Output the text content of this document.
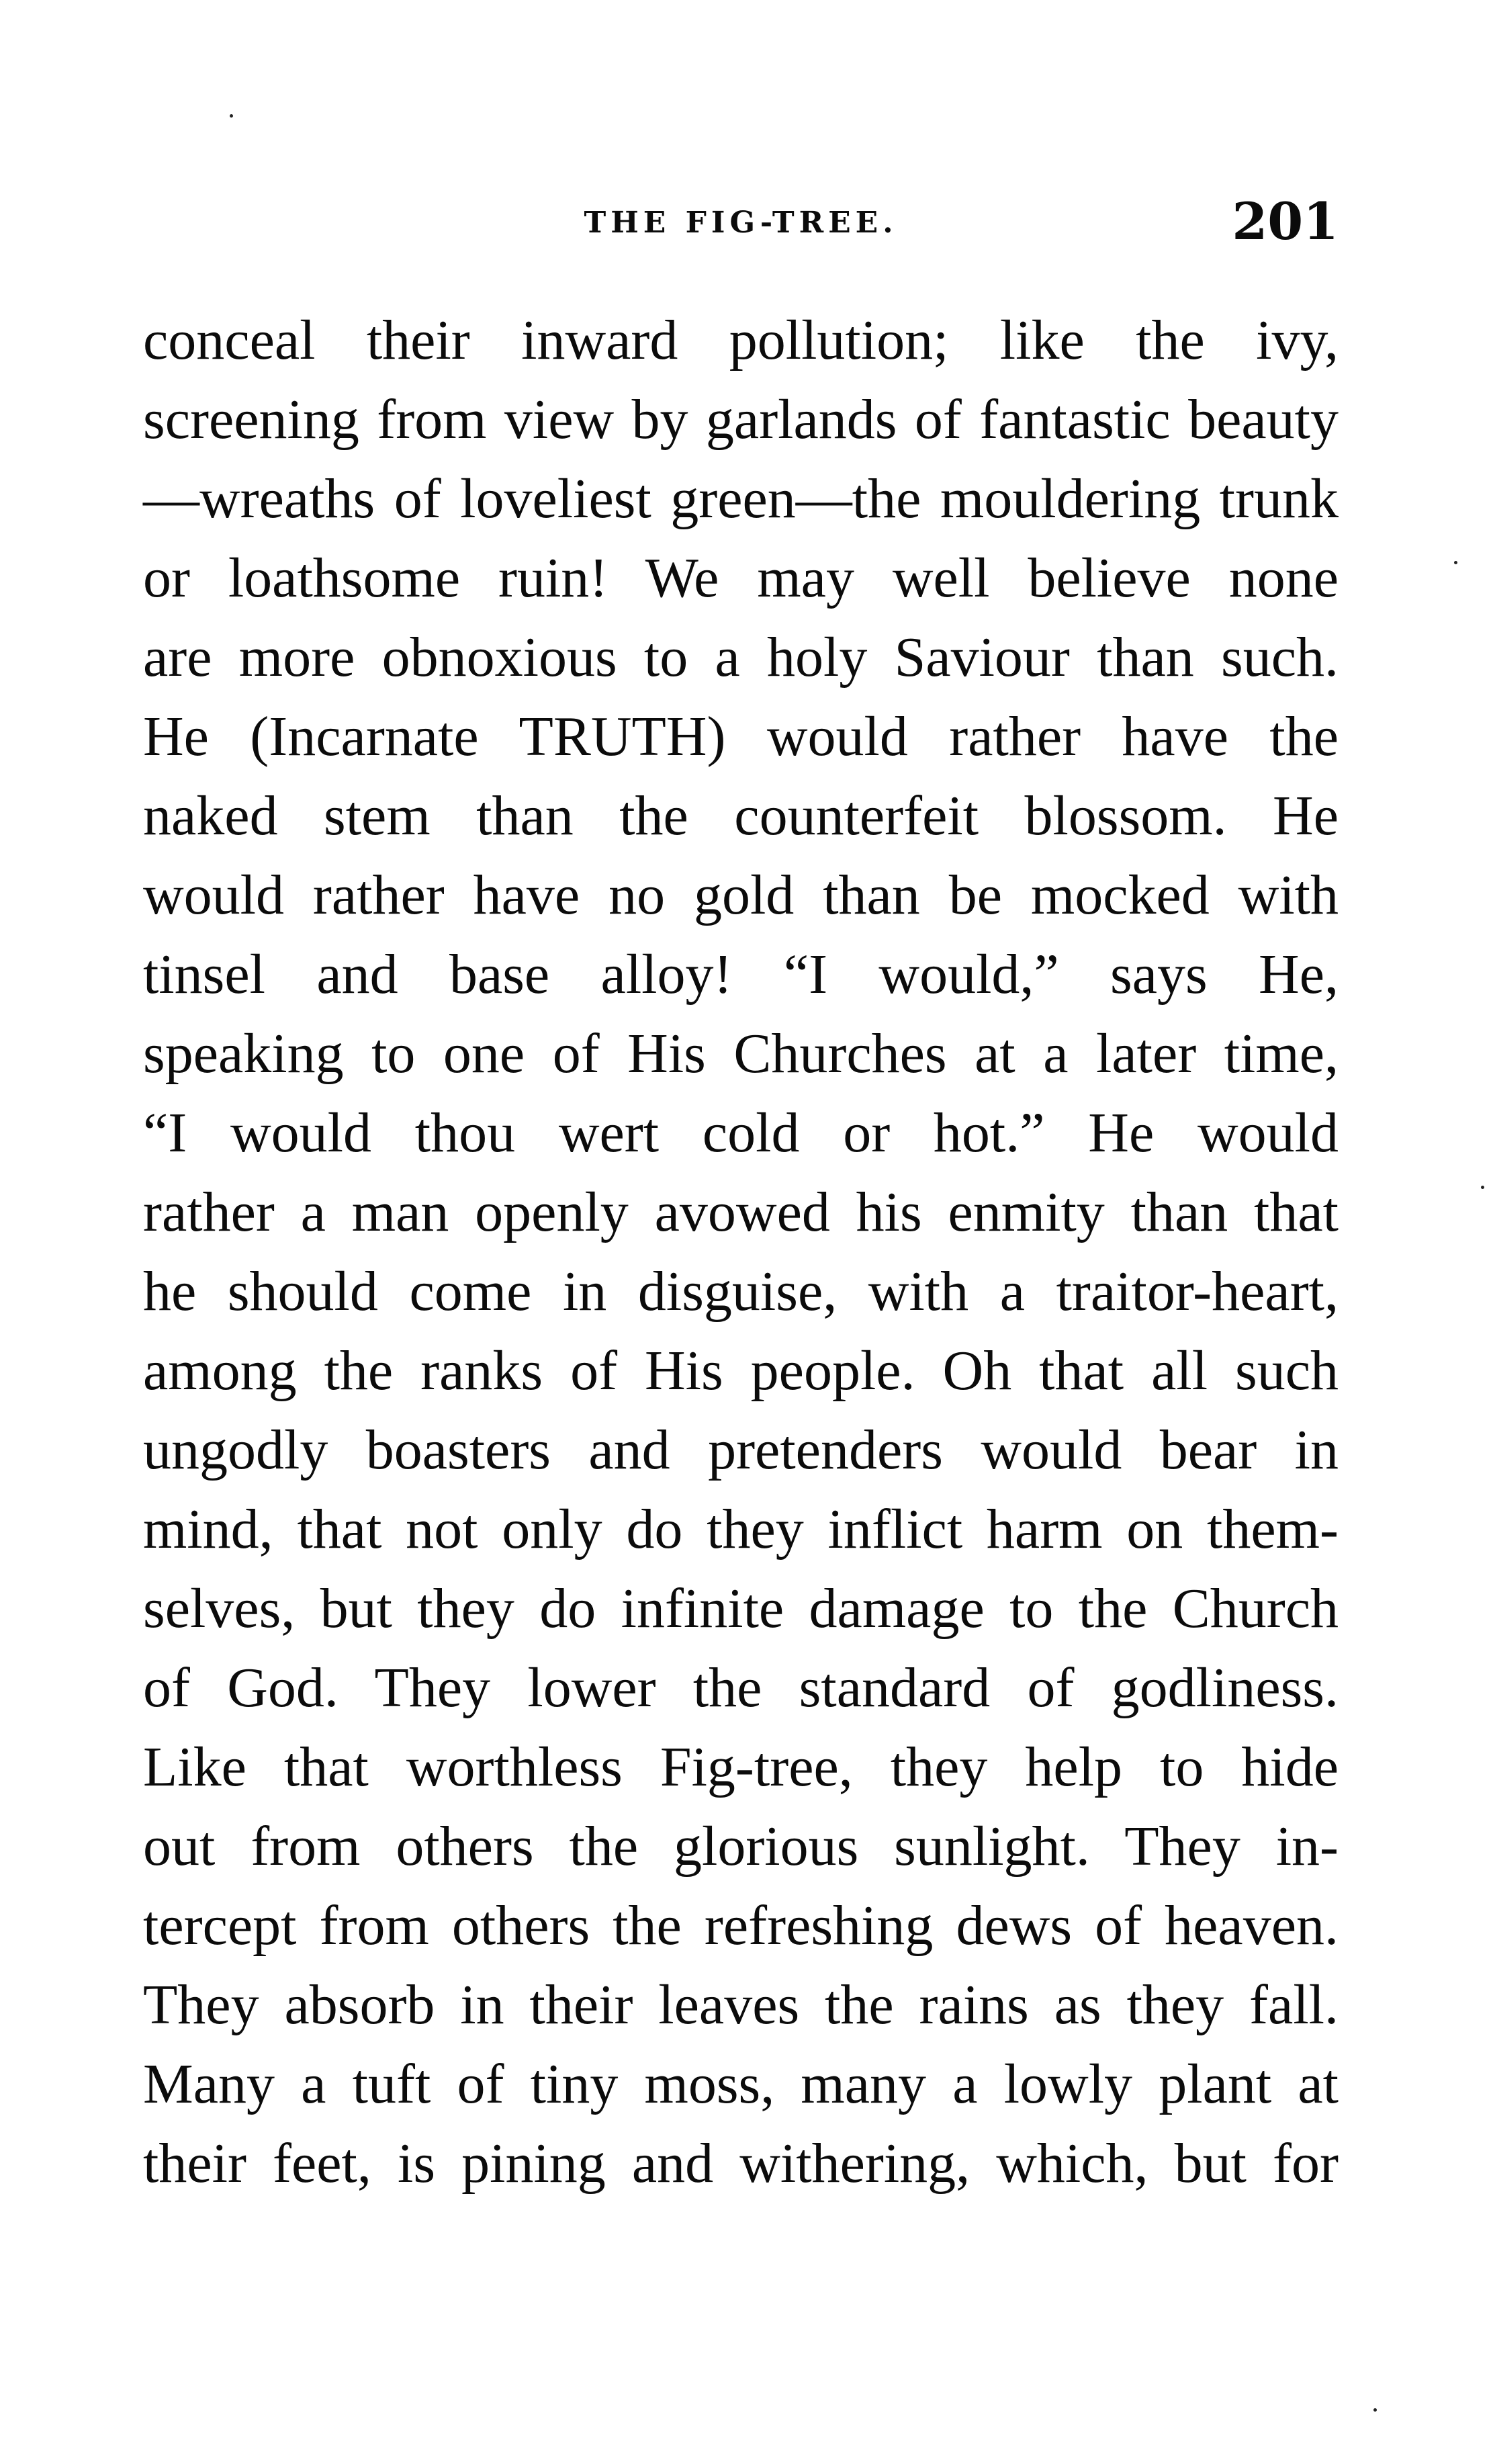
THE FIG-TREE.	201
conceal their inward pollution; like the ivy,
screening from view by garlands of fantastic beauty
—wreaths of loveliest green—the mouldering trunk
or loathsome ruin! We may well believe none
are more obnoxious to a holy Saviour than such.
He (Incarnate TRUTH) would rather have the
naked stem than the counterfeit blossom. He
would rather have no gold than be mocked with
tinsel and base alloy! “I would,” says He,
speaking to one of His Churches at a later time,
“I would thou wert cold or hot.” He would
rather a man openly avowed his enmity than that
he should come in disguise, with a traitor-heart,
among the ranks of His people. Oh that all such
ungodly boasters and pretenders would bear in
mind, that not only do they inflict harm on them-
selves, but they do infinite damage to the Church
of God. They lower the standard of godliness.
Like that worthless Fig-tree, they help to hide
out from others the glorious sunlight. They in-
tercept from others the refreshing dews of heaven.
They absorb in their leaves the rains as they fall.
Many a tuft of tiny moss, many a lowly plant at
their feet, is pining and withering, which, but for
